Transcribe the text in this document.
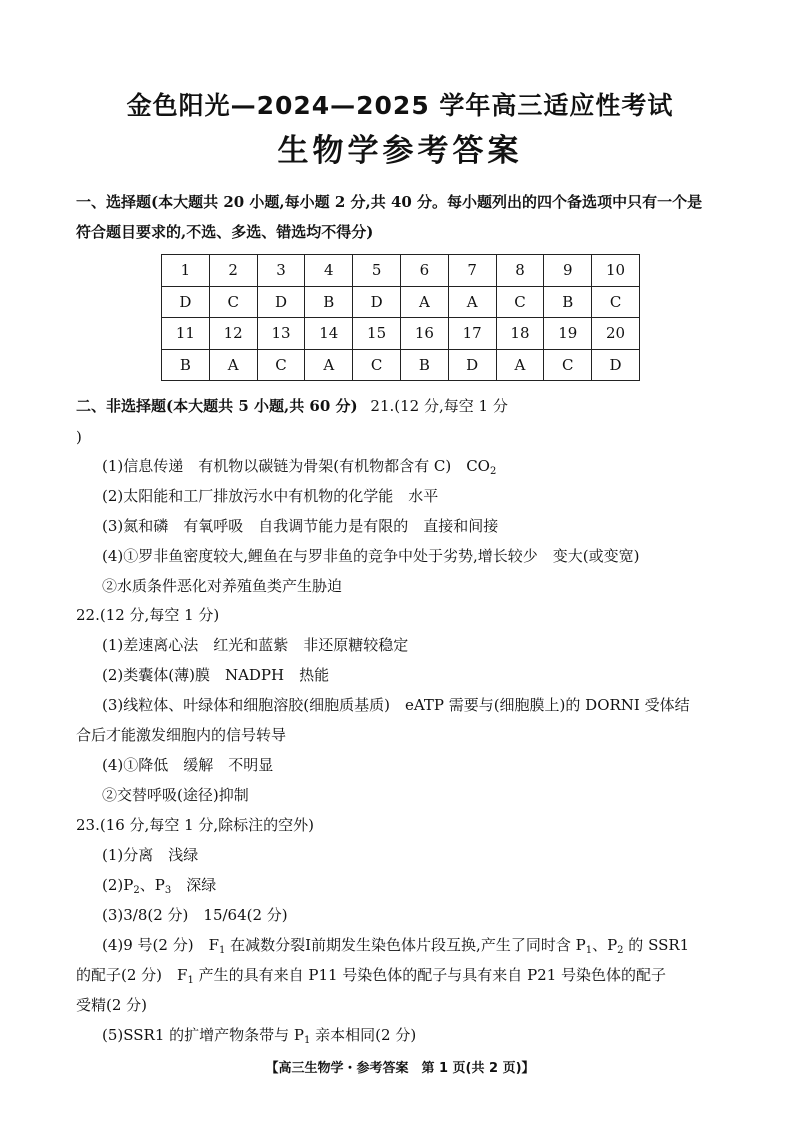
金色阳光—2024—2025 学年高三适应性考试
生物学参考答案
一、选择题(本大题共 20 小题,每小题 2 分,共 40 分。每小题列出的四个备选项中只有一个是
符合题目要求的,不选、多选、错选均不得分)
1	2	3	4	5	6	7	8	9	10
D	C	D	B	D	A	A	C	B	C
11	12	13	14	15	16	17	18	19	20
B	A	C	A	C	B	D	A	C	D
二、非选择题(本大题共 5 小题,共 60 分) 21.(12 分,每空 1 分
)
(1)信息传递　有机物以碳链为骨架(有机物都含有 C)　$CO_2$
(2)太阳能和工厂排放污水中有机物的化学能　水平
(3)氮和磷　有氧呼吸　自我调节能力是有限的　直接和间接
(4)①罗非鱼密度较大,鲤鱼在与罗非鱼的竞争中处于劣势,增长较少　变大(或变宽)
②水质条件恶化对养殖鱼类产生胁迫
22.(12 分,每空 1 分)
(1)差速离心法　红光和蓝紫　非还原糖较稳定
(2)类囊体(薄)膜　NADPH　热能
(3)线粒体、叶绿体和细胞溶胶(细胞质基质)　eATP 需要与(细胞膜上)的 DORNI 受体结
合后才能激发细胞内的信号转导
(4)①降低　缓解　不明显
②交替呼吸(途径)抑制
23.(16 分,每空 1 分,除标注的空外)
(1)分离　浅绿
$(2)P_2$、$P_3$　深绿
(3)3/8(2 分)　15/64(2 分)
(4)9 号(2 分)　$F_1$ 在减数分裂Ⅰ前期发生染色体片段互换,产生了同时含 $P_1$、$P_2$ 的 SSR1
的配子(2 分)　$F_1$ 产生的具有来自 P11 号染色体的配子与具有来自 P21 号染色体的配子
受精(2 分)
(5)SSR1 的扩增产物条带与 $P_1$ 亲本相同(2 分)
【高三生物学・参考答案　第 1 页(共 2 页)】
